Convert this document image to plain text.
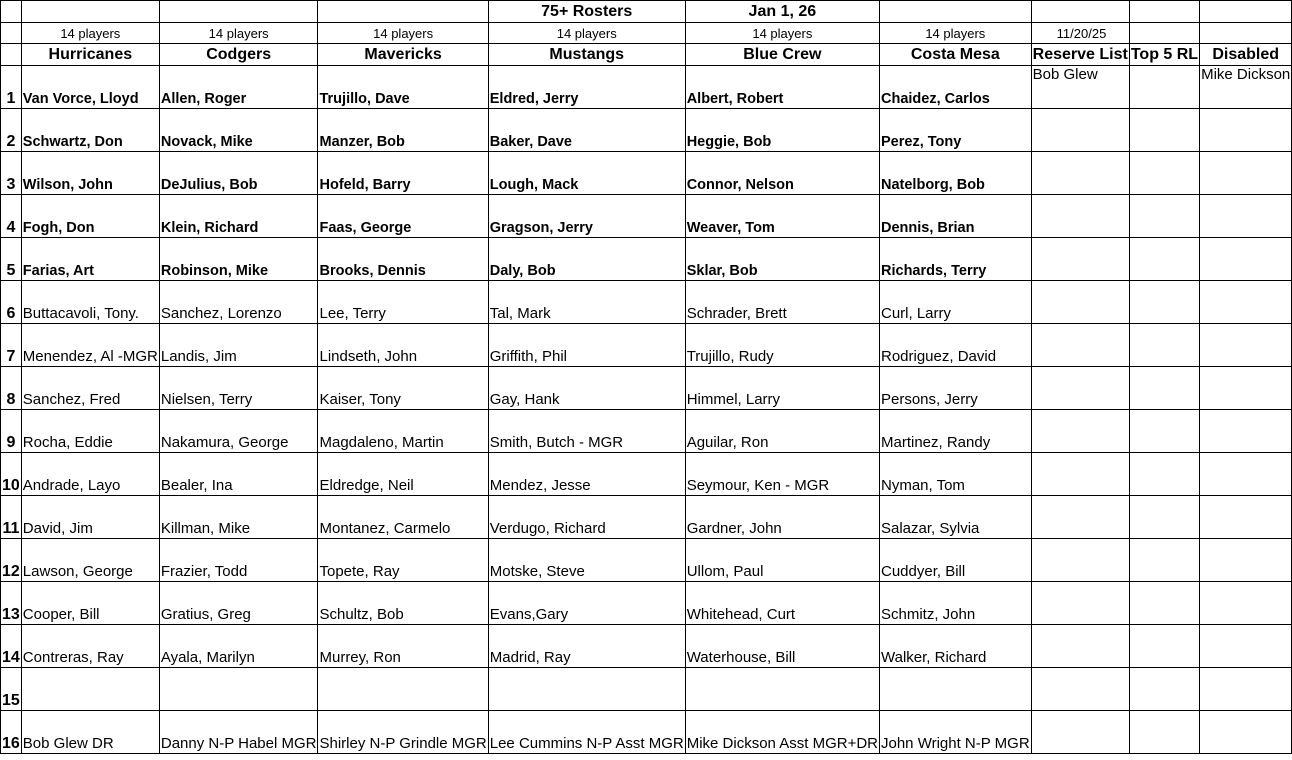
				75+ Rosters	Jan 1, 26				
	14 players	14 players	14 players	14 players	14 players	14 players	11/20/25		
	Hurricanes	Codgers	Mavericks	Mustangs	Blue Crew	Costa Mesa	Reserve List	Top 5 RL	Disabled
1	Van Vorce, Lloyd	Allen, Roger	Trujillo, Dave	Eldred, Jerry	Albert, Robert	Chaidez, Carlos	Bob Glew		Mike Dickson
2	Schwartz, Don	Novack, Mike	Manzer, Bob	Baker, Dave	Heggie, Bob	Perez, Tony			
3	Wilson, John	DeJulius, Bob	Hofeld, Barry	Lough, Mack	Connor, Nelson	Natelborg, Bob			
4	Fogh, Don	Klein, Richard	Faas, George	Gragson, Jerry	Weaver, Tom	Dennis, Brian			
5	Farias, Art	Robinson, Mike	Brooks, Dennis	Daly, Bob	Sklar, Bob	Richards, Terry			
6	Buttacavoli, Tony.	Sanchez, Lorenzo	Lee, Terry	Tal, Mark	Schrader, Brett	Curl, Larry			
7	Menendez, Al -MGR	Landis, Jim	Lindseth, John	Griffith, Phil	Trujillo, Rudy	Rodriguez, David			
8	Sanchez, Fred	Nielsen, Terry	Kaiser, Tony	Gay, Hank	Himmel, Larry	Persons, Jerry			
9	Rocha, Eddie	Nakamura, George	Magdaleno, Martin	Smith, Butch - MGR	Aguilar, Ron	Martinez, Randy			
10	Andrade, Layo	Bealer, Ina	Eldredge, Neil	Mendez, Jesse	Seymour, Ken - MGR	Nyman, Tom			
11	David, Jim	Killman, Mike	Montanez, Carmelo	Verdugo, Richard	Gardner, John	Salazar, Sylvia			
12	Lawson, George	Frazier, Todd	Topete, Ray	Motske, Steve	Ullom, Paul	Cuddyer, Bill			
13	Cooper, Bill	Gratius, Greg	Schultz, Bob	Evans,Gary	Whitehead, Curt	Schmitz, John			
14	Contreras, Ray	Ayala, Marilyn	Murrey, Ron	Madrid, Ray	Waterhouse, Bill	Walker, Richard			
15									
16	Bob Glew DR	Danny N-P Habel MGR	Shirley N-P Grindle MGR	Lee Cummins N-P Asst MGR	Mike Dickson Asst MGR+DR	John Wright N-P MGR			
